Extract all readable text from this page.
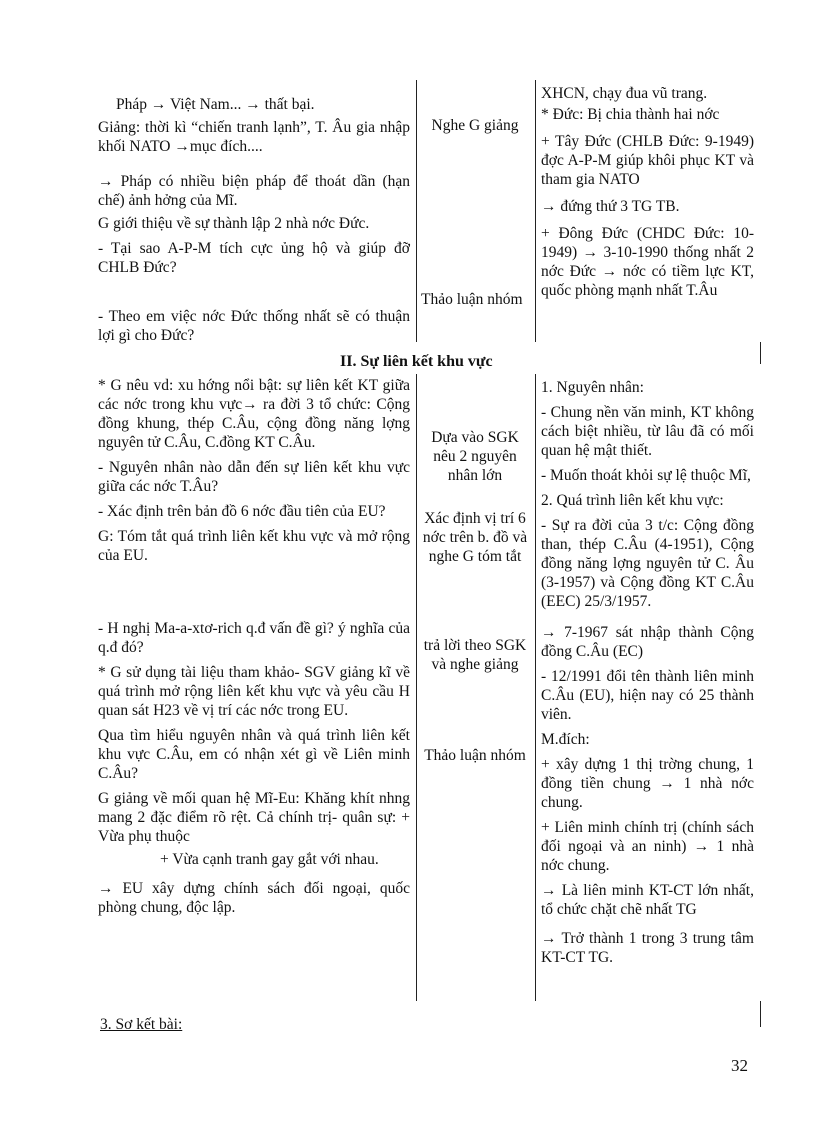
Pháp → Việt Nam... → thất bại.

Giảng: thời kì “chiến tranh lạnh”, T. Âu gia nhập khối NATO →mục đích....

→ Pháp có nhiều biện pháp để thoát dần (hạn chế) ảnh hởng của Mĩ.

G giới thiệu về sự thành lập 2 nhà nớc Đức.

- Tại sao A-P-M tích cực ủng hộ và giúp đỡ CHLB Đức?

- Theo em việc nớc Đức thống nhất sẽ có thuận lợi gì cho Đức?

Nghe G giảng

Thảo luận nhóm

XHCN, chạy đua vũ trang.

* Đức: Bị chia thành hai nớc

+ Tây Đức (CHLB Đức: 9-1949) đợc A-P-M giúp khôi phục KT và tham gia NATO

→ đứng thứ 3 TG TB.

+ Đông Đức (CHDC Đức: 10-1949) → 3-10-1990 thống nhất 2 nớc Đức → nớc có tiềm lực KT, quốc phòng mạnh nhất T.Âu

II. Sự liên kết khu vực

* G nêu vd: xu hớng nổi bật: sự liên kết KT giữa các nớc trong khu vực→ ra đời 3 tổ chức: Cộng đồng khung, thép C.Âu, cộng đồng năng lợng nguyên tử C.Âu, C.đồng KT C.Âu.

- Nguyên nhân nào dẫn đến sự liên kết khu vực giữa các nớc T.Âu?

- Xác định trên bản đồ 6 nớc đầu tiên của EU?

G: Tóm tắt quá trình liên kết khu vực và mở rộng của EU.

- H nghị Ma-a-xtơ-rich q.đ vấn đề gì? ý nghĩa của q.đ đó?

* G sử dụng tài liệu tham khảo- SGV giảng kĩ về quá trình mở rộng liên kết khu vực và yêu cầu H quan sát H23 về vị trí các nớc trong EU.

Qua tìm hiểu nguyên nhân và quá trình liên kết khu vực C.Âu, em có nhận xét gì về Liên minh C.Âu?

G giảng về mối quan hệ Mĩ-Eu: Khăng khít nhng mang 2 đặc điểm rõ rệt. Cả chính trị- quân sự: + Vừa phụ thuộc

+ Vừa cạnh tranh gay gắt với nhau.

→ EU xây dựng chính sách đối ngoại, quốc phòng chung, độc lập.

Dựa vào SGK nêu 2 nguyên nhân lớn

Xác định vị trí 6 nớc trên b. đồ và nghe G tóm tắt

trả lời theo SGK và nghe giảng

Thảo luận nhóm

1. Nguyên nhân:

- Chung nền văn minh, KT không cách biệt nhiều, từ lâu đã có mối quan hệ mật thiết.

- Muốn thoát khỏi sự lệ thuộc Mĩ,

2. Quá trình liên kết khu vực:

- Sự ra đời của 3 t/c: Cộng đồng than, thép C.Âu (4-1951), Cộng đồng năng lợng nguyên tử C. Âu (3-1957) và Cộng đồng KT C.Âu (EEC) 25/3/1957.

→ 7-1967 sát nhập thành Cộng đồng C.Âu (EC)

- 12/1991 đổi tên thành liên minh C.Âu (EU), hiện nay có 25 thành viên.

M.đích:

+ xây dựng 1 thị trờng chung, 1 đồng tiền chung → 1 nhà nớc chung.

+ Liên minh chính trị (chính sách đối ngoại và an ninh) → 1 nhà nớc chung.

→ Là liên minh KT-CT lớn nhất, tổ chức chặt chẽ nhất TG

→ Trở thành 1 trong 3 trung tâm KT-CT TG.

3. Sơ kết bài:
32
